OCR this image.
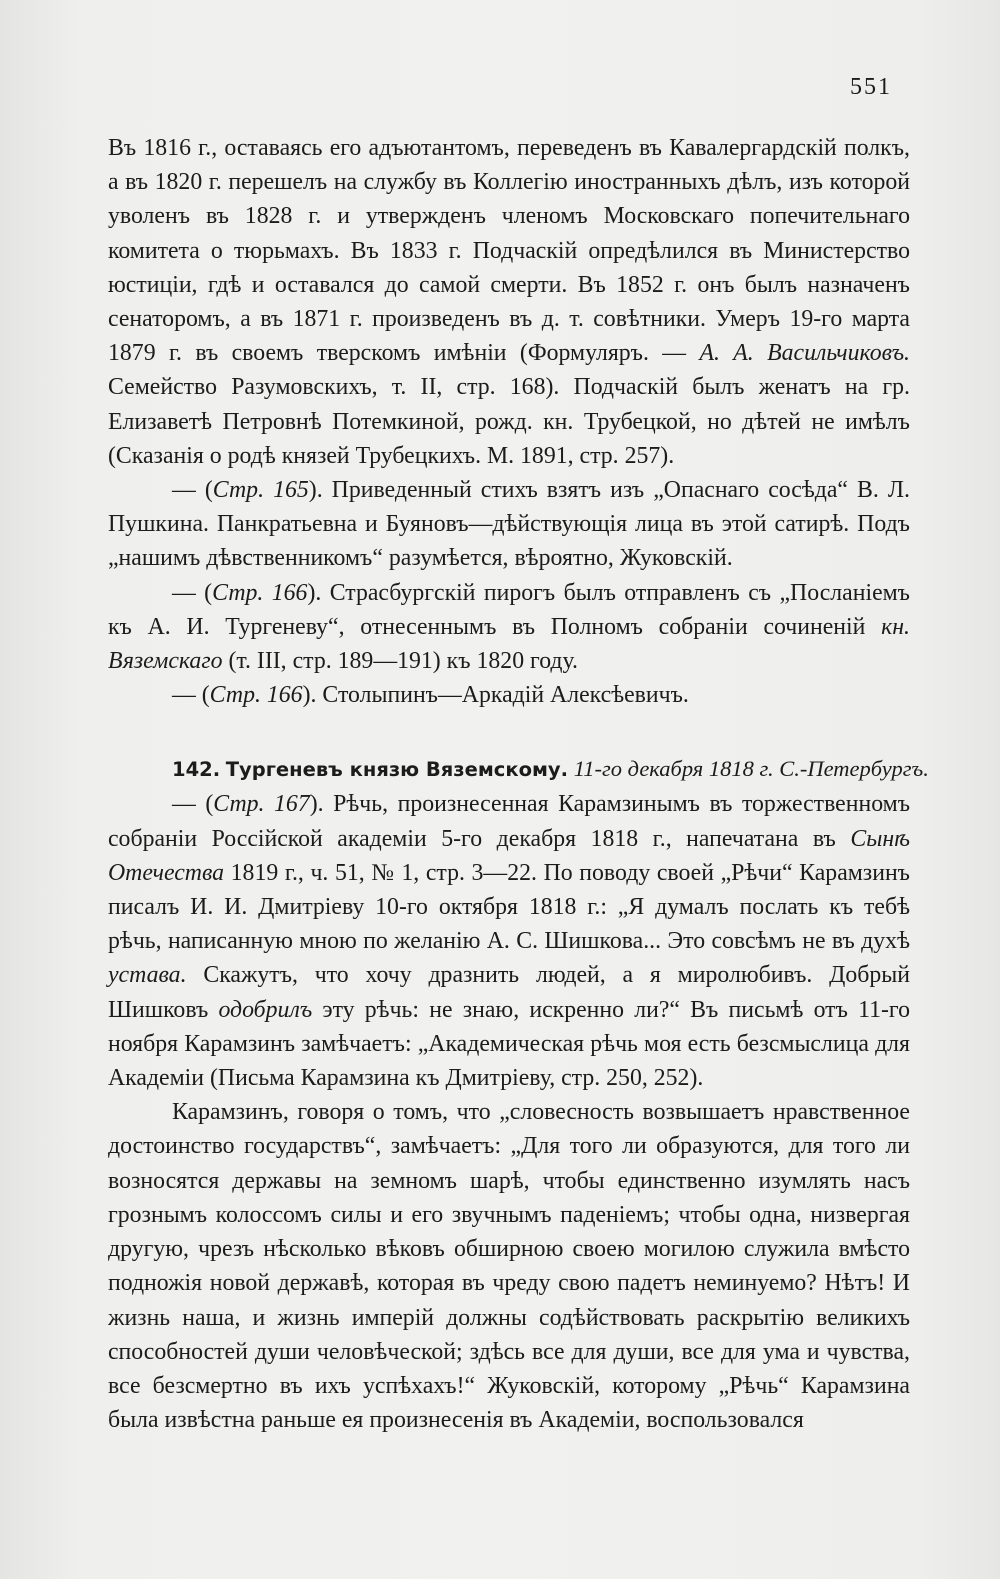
551

Въ 1816 г., оставаясь его адъютантомъ, переведенъ въ Кавалергардскій полкъ, а въ 1820 г. перешелъ на службу въ Коллегію иностранныхъ дѣлъ, изъ которой уволенъ въ 1828 г. и утвержденъ членомъ Московскаго попечительнаго комитета о тюрьмахъ. Въ 1833 г. Подчаскій опредѣлился въ Министерство юстиціи, гдѣ и оставался до самой смерти. Въ 1852 г. онъ былъ назначенъ сенаторомъ, а въ 1871 г. произведенъ въ д. т. совѣтники. Умеръ 19-го марта 1879 г. въ своемъ тверскомъ имѣніи (Формуляръ. — А. А. Васильчиковъ. Семейство Разумовскихъ, т. II, стр. 168). Подчаскій былъ женатъ на гр. Елизаветѣ Петровнѣ Потемкиной, рожд. кн. Трубецкой, но дѣтей не имѣлъ (Сказанія о родѣ князей Трубецкихъ. М. 1891, стр. 257).

— (Стр. 165). Приведенный стихъ взятъ изъ „Опаснаго сосѣда“ В. Л. Пушкина. Панкратьевна и Буяновъ—дѣйствующія лица въ этой сатирѣ. Подъ „нашимъ дѣвственникомъ“ разумѣется, вѣроятно, Жуковскій.

— (Стр. 166). Страсбургскій пирогъ былъ отправленъ съ „Посланіемъ къ А. И. Тургеневу“, отнесеннымъ въ Полномъ собраніи сочиненій кн. Вяземскаго (т. III, стр. 189—191) къ 1820 году.

— (Стр. 166). Столыпинъ—Аркадій Алексѣевичъ.

142. Тургеневъ князю Вяземскому. 11-го декабря 1818 г. С.-Петербургъ.

— (Стр. 167). Рѣчь, произнесенная Карамзинымъ въ торжественномъ собраніи Россійской академіи 5-го декабря 1818 г., напечатана въ Сынѣ Отечества 1819 г., ч. 51, № 1, стр. 3—22. По поводу своей „Рѣчи“ Карамзинъ писалъ И. И. Дмитріеву 10-го октября 1818 г.: „Я думалъ послать къ тебѣ рѣчь, написанную мною по желанію А. С. Шишкова... Это совсѣмъ не въ духѣ устава. Скажутъ, что хочу дразнить людей, а я миролюбивъ. Добрый Шишковъ одобрилъ эту рѣчь: не знаю, искренно ли?“ Въ письмѣ отъ 11-го ноября Карамзинъ замѣчаетъ: „Академическая рѣчь моя есть безсмыслица для Академіи (Письма Карамзина къ Дмитріеву, стр. 250, 252).

Карамзинъ, говоря о томъ, что „словесность возвышаетъ нравственное достоинство государствъ“, замѣчаетъ: „Для того ли образуются, для того ли возносятся державы на земномъ шарѣ, чтобы единственно изумлять насъ грознымъ колоссомъ силы и его звучнымъ паденіемъ; чтобы одна, низвергая другую, чрезъ нѣсколько вѣковъ обширною своею могилою служила вмѣсто подножія новой державѣ, которая въ чреду свою падетъ неминуемо? Нѣтъ! И жизнь наша, и жизнь имперій должны содѣйствовать раскрытію великихъ способностей души человѣческой; здѣсь все для души, все для ума и чувства, все безсмертно въ ихъ успѣхахъ!“ Жуковскій, которому „Рѣчь“ Карамзина была извѣстна раньше ея произнесенія въ Академіи, воспользовался
